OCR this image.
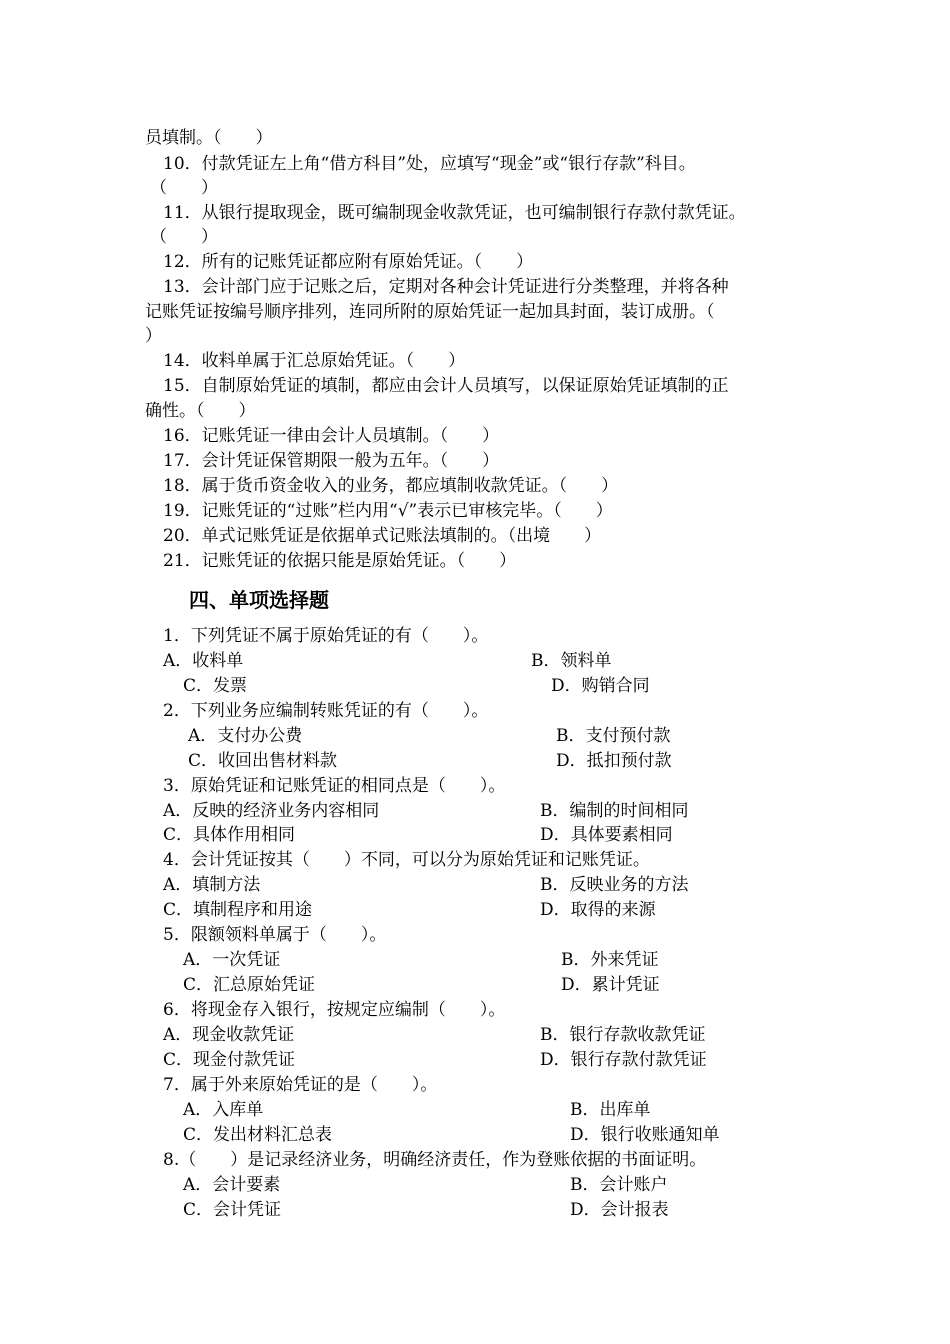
员填制。（　　）
10．付款凭证左上角“借方科目”处，应填写“现金”或“银行存款”科目。
（　　）
11．从银行提取现金，既可编制现金收款凭证，也可编制银行存款付款凭证。
（　　）
12．所有的记账凭证都应附有原始凭证。（　　）
13．会计部门应于记账之后，定期对各种会计凭证进行分类整理，并将各种
记账凭证按编号顺序排列，连同所附的原始凭证一起加具封面，装订成册。（
）
14．收料单属于汇总原始凭证。（　　）
15．自制原始凭证的填制，都应由会计人员填写，以保证原始凭证填制的正
确性。（　　）
16．记账凭证一律由会计人员填制。（　　）
17．会计凭证保管期限一般为五年。（　　）
18．属于货币资金收入的业务，都应填制收款凭证。（　　）
19．记账凭证的“过账”栏内用“√”表示已审核完毕。（　　）
20．单式记账凭证是依据单式记账法填制的。（出境　　）
21．记账凭证的依据只能是原始凭证。（　　）
四、单项选择题
1．下列凭证不属于原始凭证的有（　　）。
A．收料单	B．领料单
C．发票	D．购销合同
2．下列业务应编制转账凭证的有（　　）。
A．支付办公费	B．支付预付款
C．收回出售材料款	D．抵扣预付款
3．原始凭证和记账凭证的相同点是（　　）。
A．反映的经济业务内容相同	B．编制的时间相同
C．具体作用相同	D．具体要素相同
4．会计凭证按其（　　）不同，可以分为原始凭证和记账凭证。
A．填制方法	B．反映业务的方法
C．填制程序和用途	D．取得的来源
5．限额领料单属于（　　）。
A．一次凭证	B．外来凭证
C．汇总原始凭证	D．累计凭证
6．将现金存入银行，按规定应编制（　　）。
A．现金收款凭证	B．银行存款收款凭证
C．现金付款凭证	D．银行存款付款凭证
7．属于外来原始凭证的是（　　）。
A．入库单	B．出库单
C．发出材料汇总表	D．银行收账通知单
8.（　　）是记录经济业务，明确经济责任，作为登账依据的书面证明。
A．会计要素	B．会计账户
C．会计凭证	D．会计报表
